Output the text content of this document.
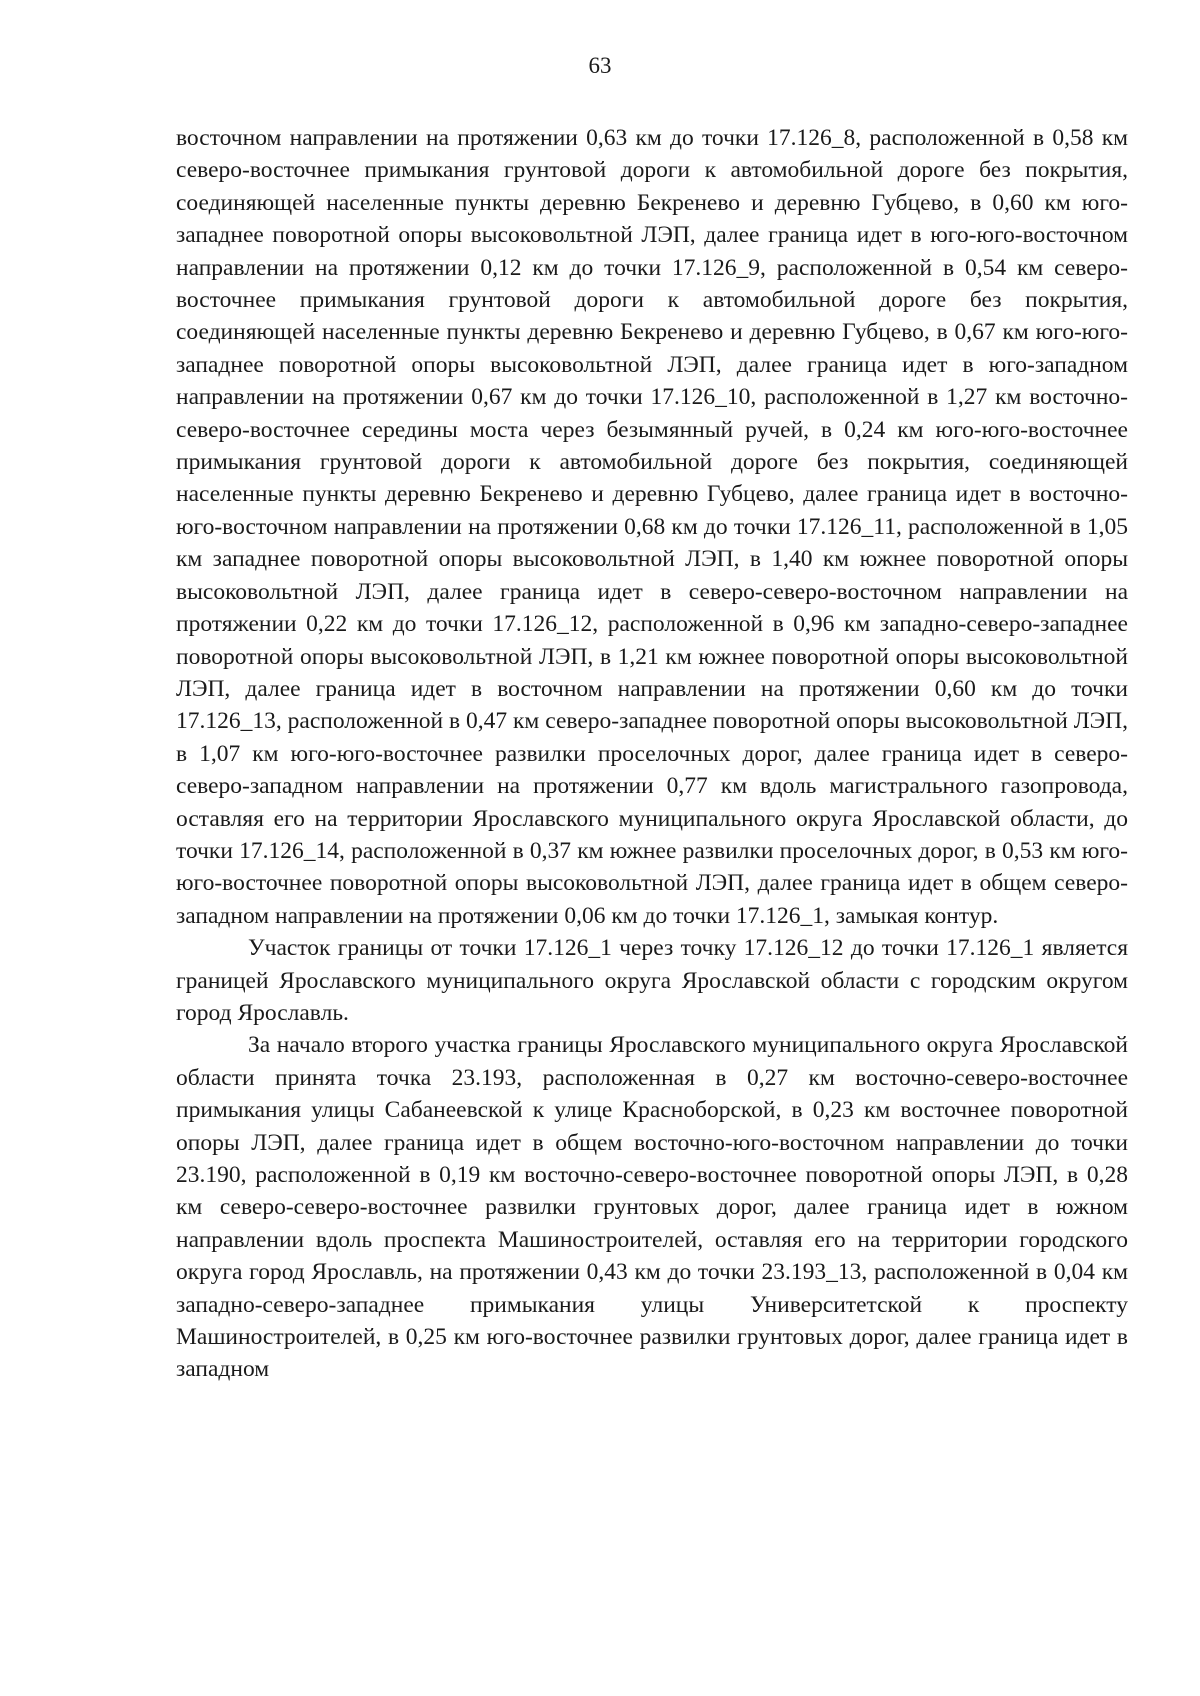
63

восточном направлении на протяжении 0,63 км до точки 17.126_8, расположенной в 0,58 км северо-восточнее примыкания грунтовой дороги к автомобильной дороге без покрытия, соединяющей населенные пункты деревню Бекренево и деревню Губцево, в 0,60 км юго-западнее поворотной опоры высоковольтной ЛЭП, далее граница идет в юго-юго-восточном направлении на протяжении 0,12 км до точки 17.126_9, расположенной в 0,54 км северо-восточнее примыкания грунтовой дороги к автомобильной дороге без покрытия, соединяющей населенные пункты деревню Бекренево и деревню Губцево, в 0,67 км юго-юго-западнее поворотной опоры высоковольтной ЛЭП, далее граница идет в юго-западном направлении на протяжении 0,67 км до точки 17.126_10, расположенной в 1,27 км восточно-северо-восточнее середины моста через безымянный ручей, в 0,24 км юго-юго-восточнее примыкания грунтовой дороги к автомобильной дороге без покрытия, соединяющей населенные пункты деревню Бекренево и деревню Губцево, далее граница идет в восточно-юго-восточном направлении на протяжении 0,68 км до точки 17.126_11, расположенной в 1,05 км западнее поворотной опоры высоковольтной ЛЭП, в 1,40 км южнее поворотной опоры высоковольтной ЛЭП, далее граница идет в северо-северо-восточном направлении на протяжении 0,22 км до точки 17.126_12, расположенной в 0,96 км западно-северо-западнее поворотной опоры высоковольтной ЛЭП, в 1,21 км южнее поворотной опоры высоковольтной ЛЭП, далее граница идет в восточном направлении на протяжении 0,60 км до точки 17.126_13, расположенной в 0,47 км северо-западнее поворотной опоры высоковольтной ЛЭП, в 1,07 км юго-юго-восточнее развилки проселочных дорог, далее граница идет в северо-северо-западном направлении на протяжении 0,77 км вдоль магистрального газопровода, оставляя его на территории Ярославского муниципального округа Ярославской области, до точки 17.126_14, расположенной в 0,37 км южнее развилки проселочных дорог, в 0,53 км юго-юго-восточнее поворотной опоры высоковольтной ЛЭП, далее граница идет в общем северо-западном направлении на протяжении 0,06 км до точки 17.126_1, замыкая контур.

Участок границы от точки 17.126_1 через точку 17.126_12 до точки 17.126_1 является границей Ярославского муниципального округа Ярославской области с городским округом город Ярославль.

За начало второго участка границы Ярославского муниципального округа Ярославской области принята точка 23.193, расположенная в 0,27 км восточно-северо-восточнее примыкания улицы Сабанеевской к улице Красноборской, в 0,23 км восточнее поворотной опоры ЛЭП, далее граница идет в общем восточно-юго-восточном направлении до точки 23.190, расположенной в 0,19 км восточно-северо-восточнее поворотной опоры ЛЭП, в 0,28 км северо-северо-восточнее развилки грунтовых дорог, далее граница идет в южном направлении вдоль проспекта Машиностроителей, оставляя его на территории городского округа город Ярославль, на протяжении 0,43 км до точки 23.193_13, расположенной в 0,04 км западно-северо-западнее примыкания улицы Университетской к проспекту Машиностроителей, в 0,25 км юго-восточнее развилки грунтовых дорог, далее граница идет в западном
